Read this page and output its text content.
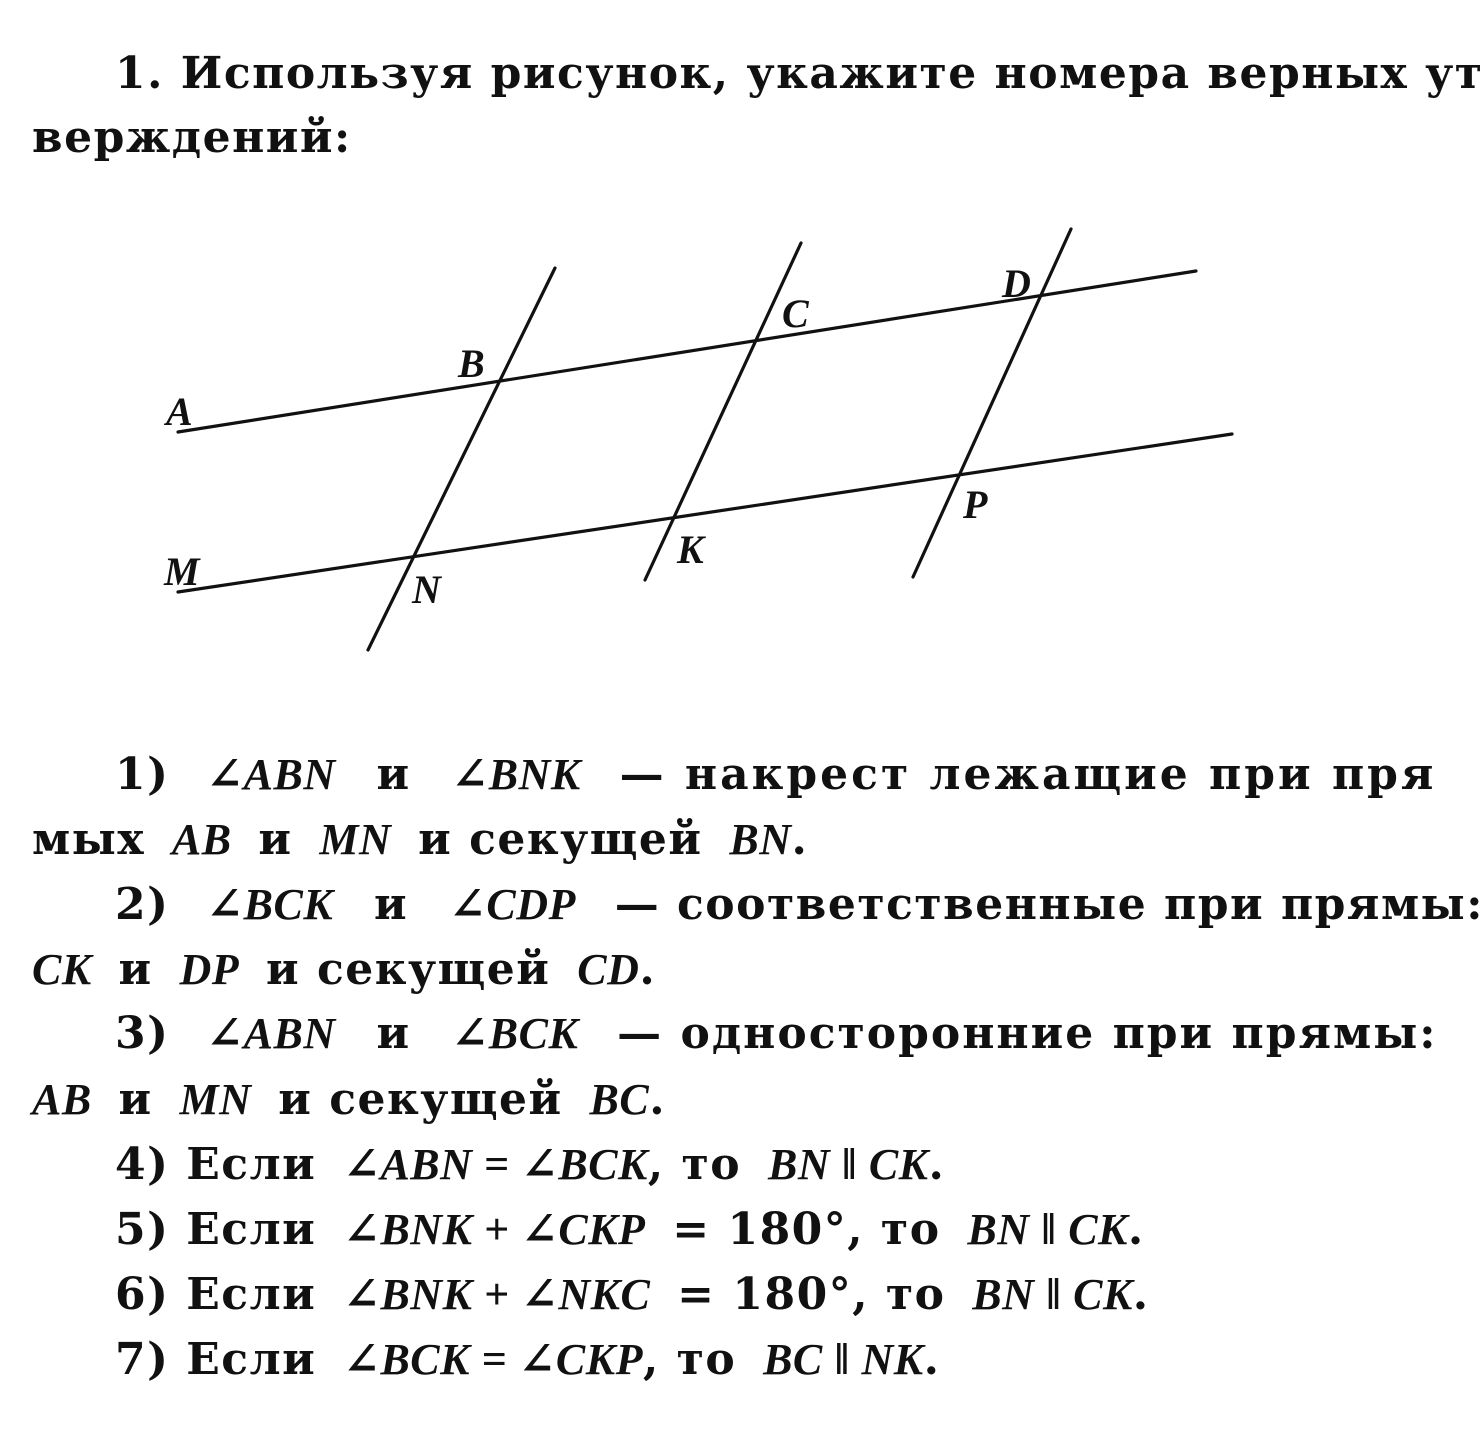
1. Используя рисунок, укажите номера верных ут
верждений:
A
B
C
D
M	N
K
P
1) ∠ABN и ∠BNK — накрест лежащие при пря
мых AB и MN и секущей BN.
2) ∠BCK и ∠CDP — соответственные при прямы:
CK и DP и секущей CD.
3) ∠ABN и ∠BCK — односторонние при прямы:
AB и MN и секущей BC.
4) Если ∠ABN = ∠BCK, то BN ‖ CK.
5) Если ∠BNK + ∠CKP = 180°, то BN ‖ CK.
6) Если ∠BNK + ∠NKC = 180°, то BN ‖ CK.
7) Если ∠BCK = ∠CKP, то BC ‖ NK.
